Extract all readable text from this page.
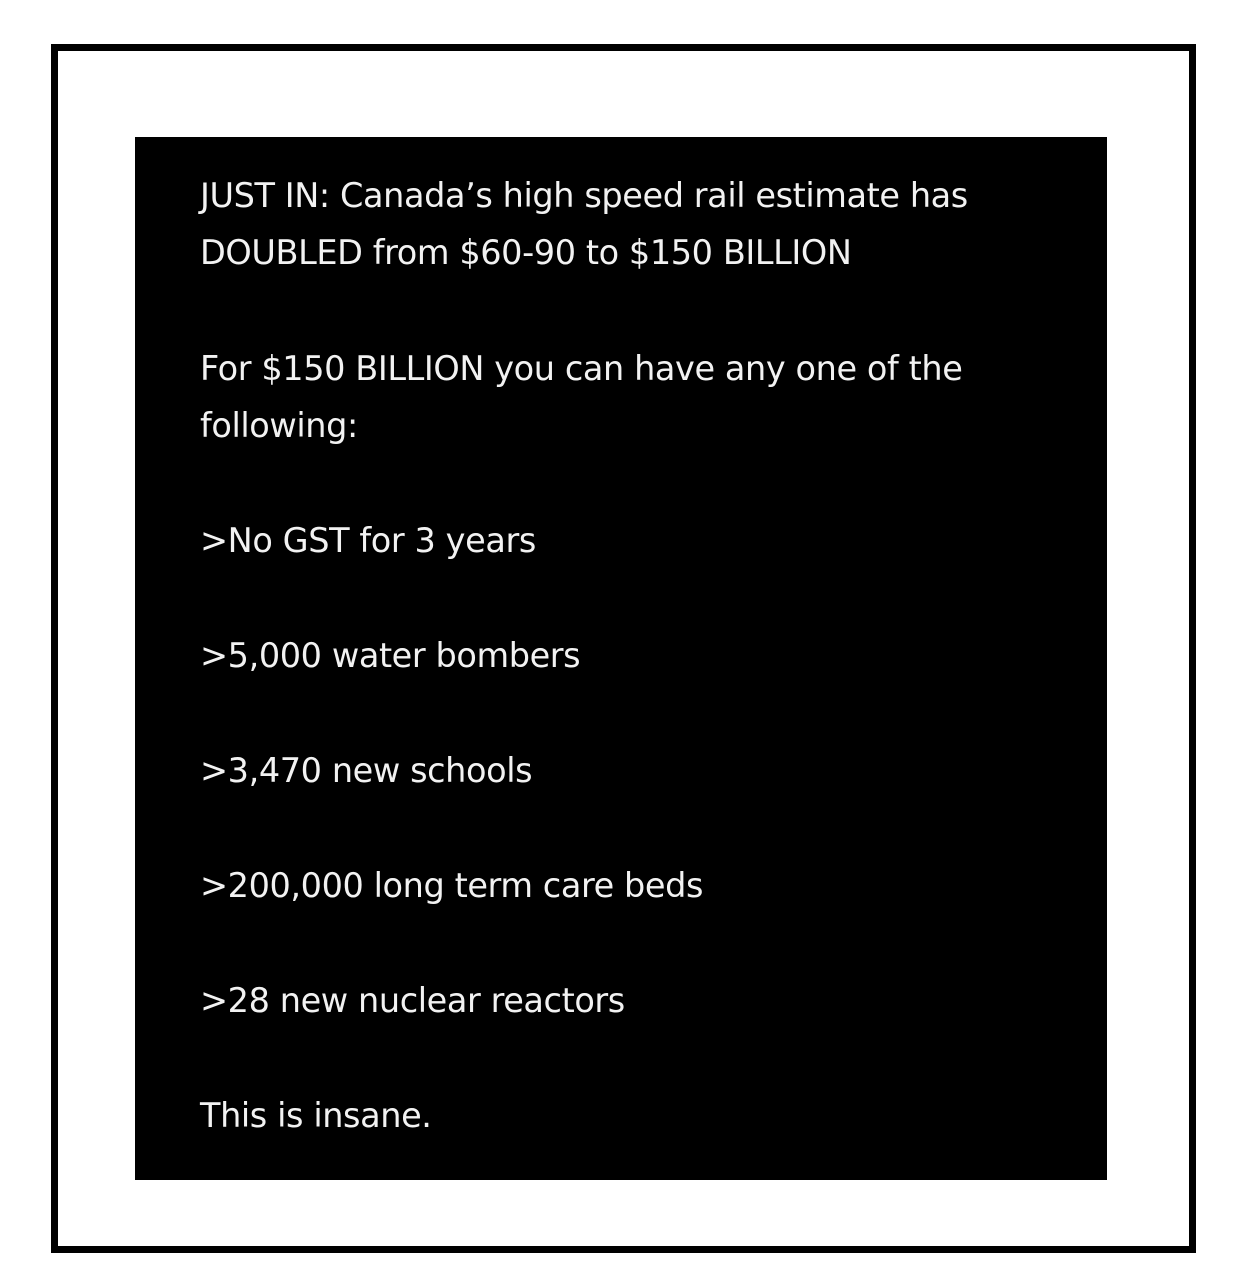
JUST IN: Canada’s high speed rail estimate has

DOUBLED from $60-90 to $150 BILLION

For $150 BILLION you can have any one of the

following:

>No GST for 3 years

>5,000 water bombers

>3,470 new schools

>200,000 long term care beds

>28 new nuclear reactors

This is insane.
